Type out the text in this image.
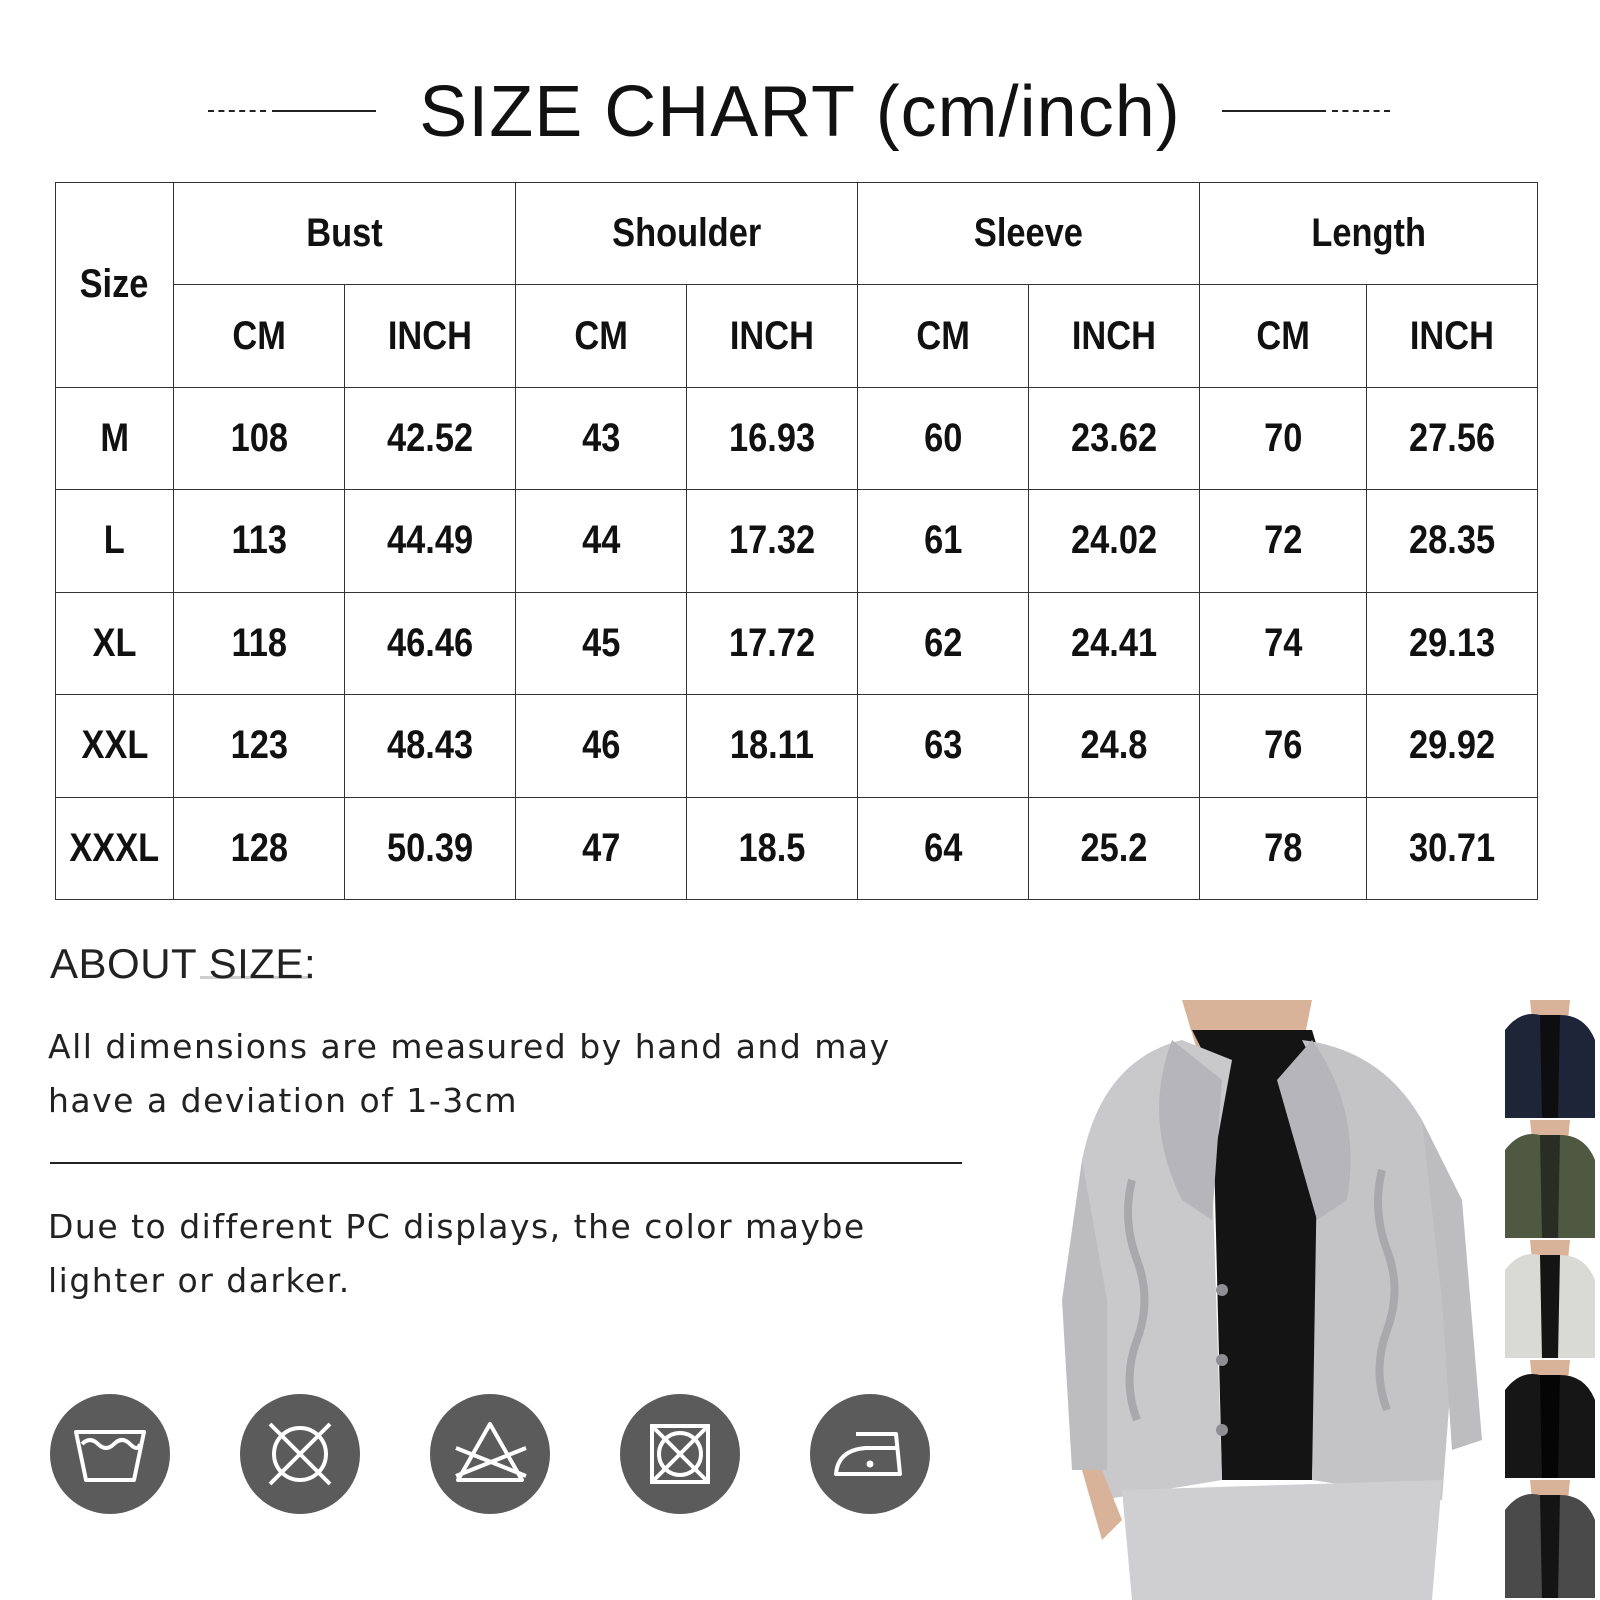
SIZE CHART (cm/inch)
Size	Bust		Shoulder		Sleeve		Length	
	CM	INCH	CM	INCH	CM	INCH	CM	INCH
M	108	42.52	43	16.93	60	23.62	70	27.56
L	113	44.49	44	17.32	61	24.02	72	28.35
XL	118	46.46	45	17.72	62	24.41	74	29.13
XXL	123	48.43	46	18.11	63	24.8	76	29.92
XXXL	128	50.39	47	18.5	64	25.2	78	30.71
ABOUT SIZE:
All dimensions are measured by hand and may have a deviation of 1-3cm
Due to different PC displays, the color maybe lighter or darker.
